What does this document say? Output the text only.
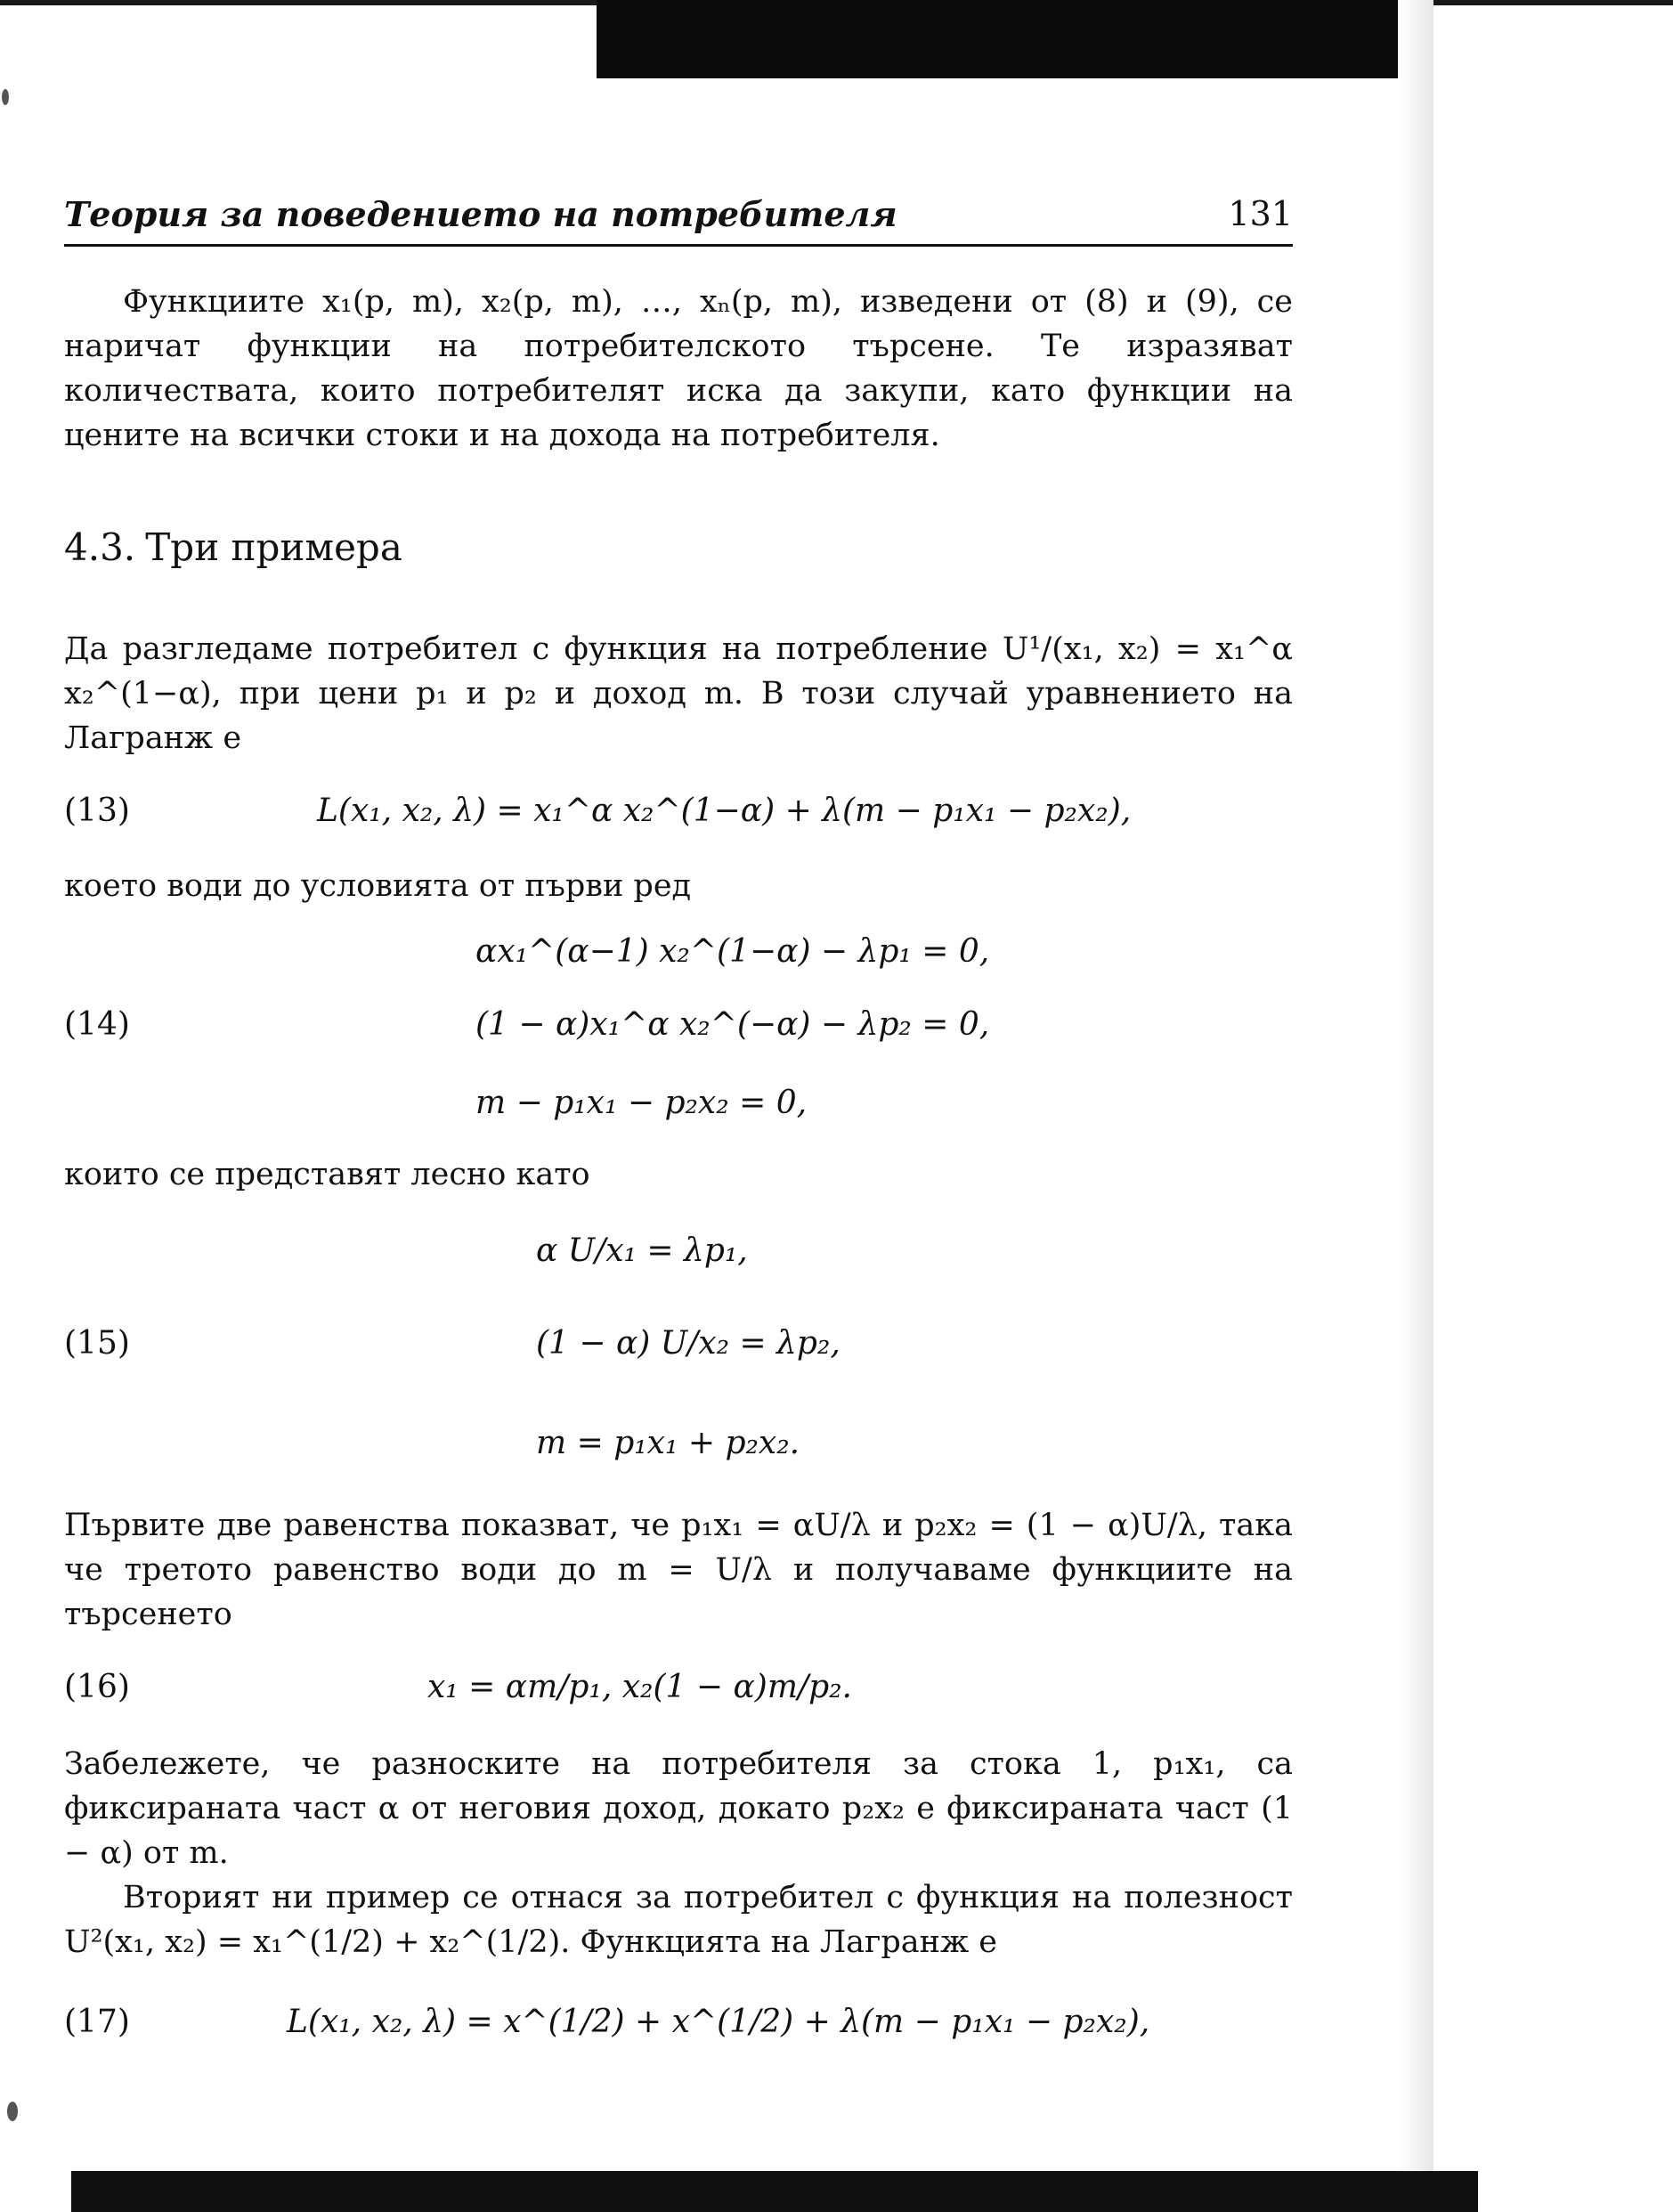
Теория за поведението на потребителя	131

Функциите x₁(p, m), x₂(p, m), …, xₙ(p, m), изведени от (8) и (9), се наричат функции на потребителското търсене. Те изразяват количествата, които потребителят иска да закупи, като функции на цените на всички стоки и на дохода на потребителя.

4.3. Три примера

Да разгледаме потребител с функция на потребление U¹/(x₁, x₂) = x₁^α x₂^(1−α), при цени p₁ и p₂ и доход m. В този случай уравнението на Лагранж е

(13)	L(x₁, x₂, λ) = x₁^α x₂^(1−α) + λ(m − p₁x₁ − p₂x₂),

което води до условията от първи ред

αx₁^(α−1) x₂^(1−α) − λp₁ = 0,
(14)	(1 − α)x₁^α x₂^(−α) − λp₂ = 0,
m − p₁x₁ − p₂x₂ = 0,

които се представят лесно като

α U/x₁ = λp₁,
(15)	(1 − α) U/x₂ = λp₂,
m = p₁x₁ + p₂x₂.

Първите две равенства показват, че p₁x₁ = αU/λ и p₂x₂ = (1 − α)U/λ, така че третото равенство води до m = U/λ и получаваме функциите на търсенето

(16)	x₁ = αm/p₁, x₂(1 − α)m/p₂.

Забележете, че разноските на потребителя за стока 1, p₁x₁, са фиксираната част α от неговия доход, докато p₂x₂ е фиксираната част (1 − α) от m.

Вторият ни пример се отнася за потребител с функция на полезност U²(x₁, x₂) = x₁^(1/2) + x₂^(1/2). Функцията на Лагранж е

(17)	L(x₁, x₂, λ) = x^(1/2) + x^(1/2) + λ(m − p₁x₁ − p₂x₂),
